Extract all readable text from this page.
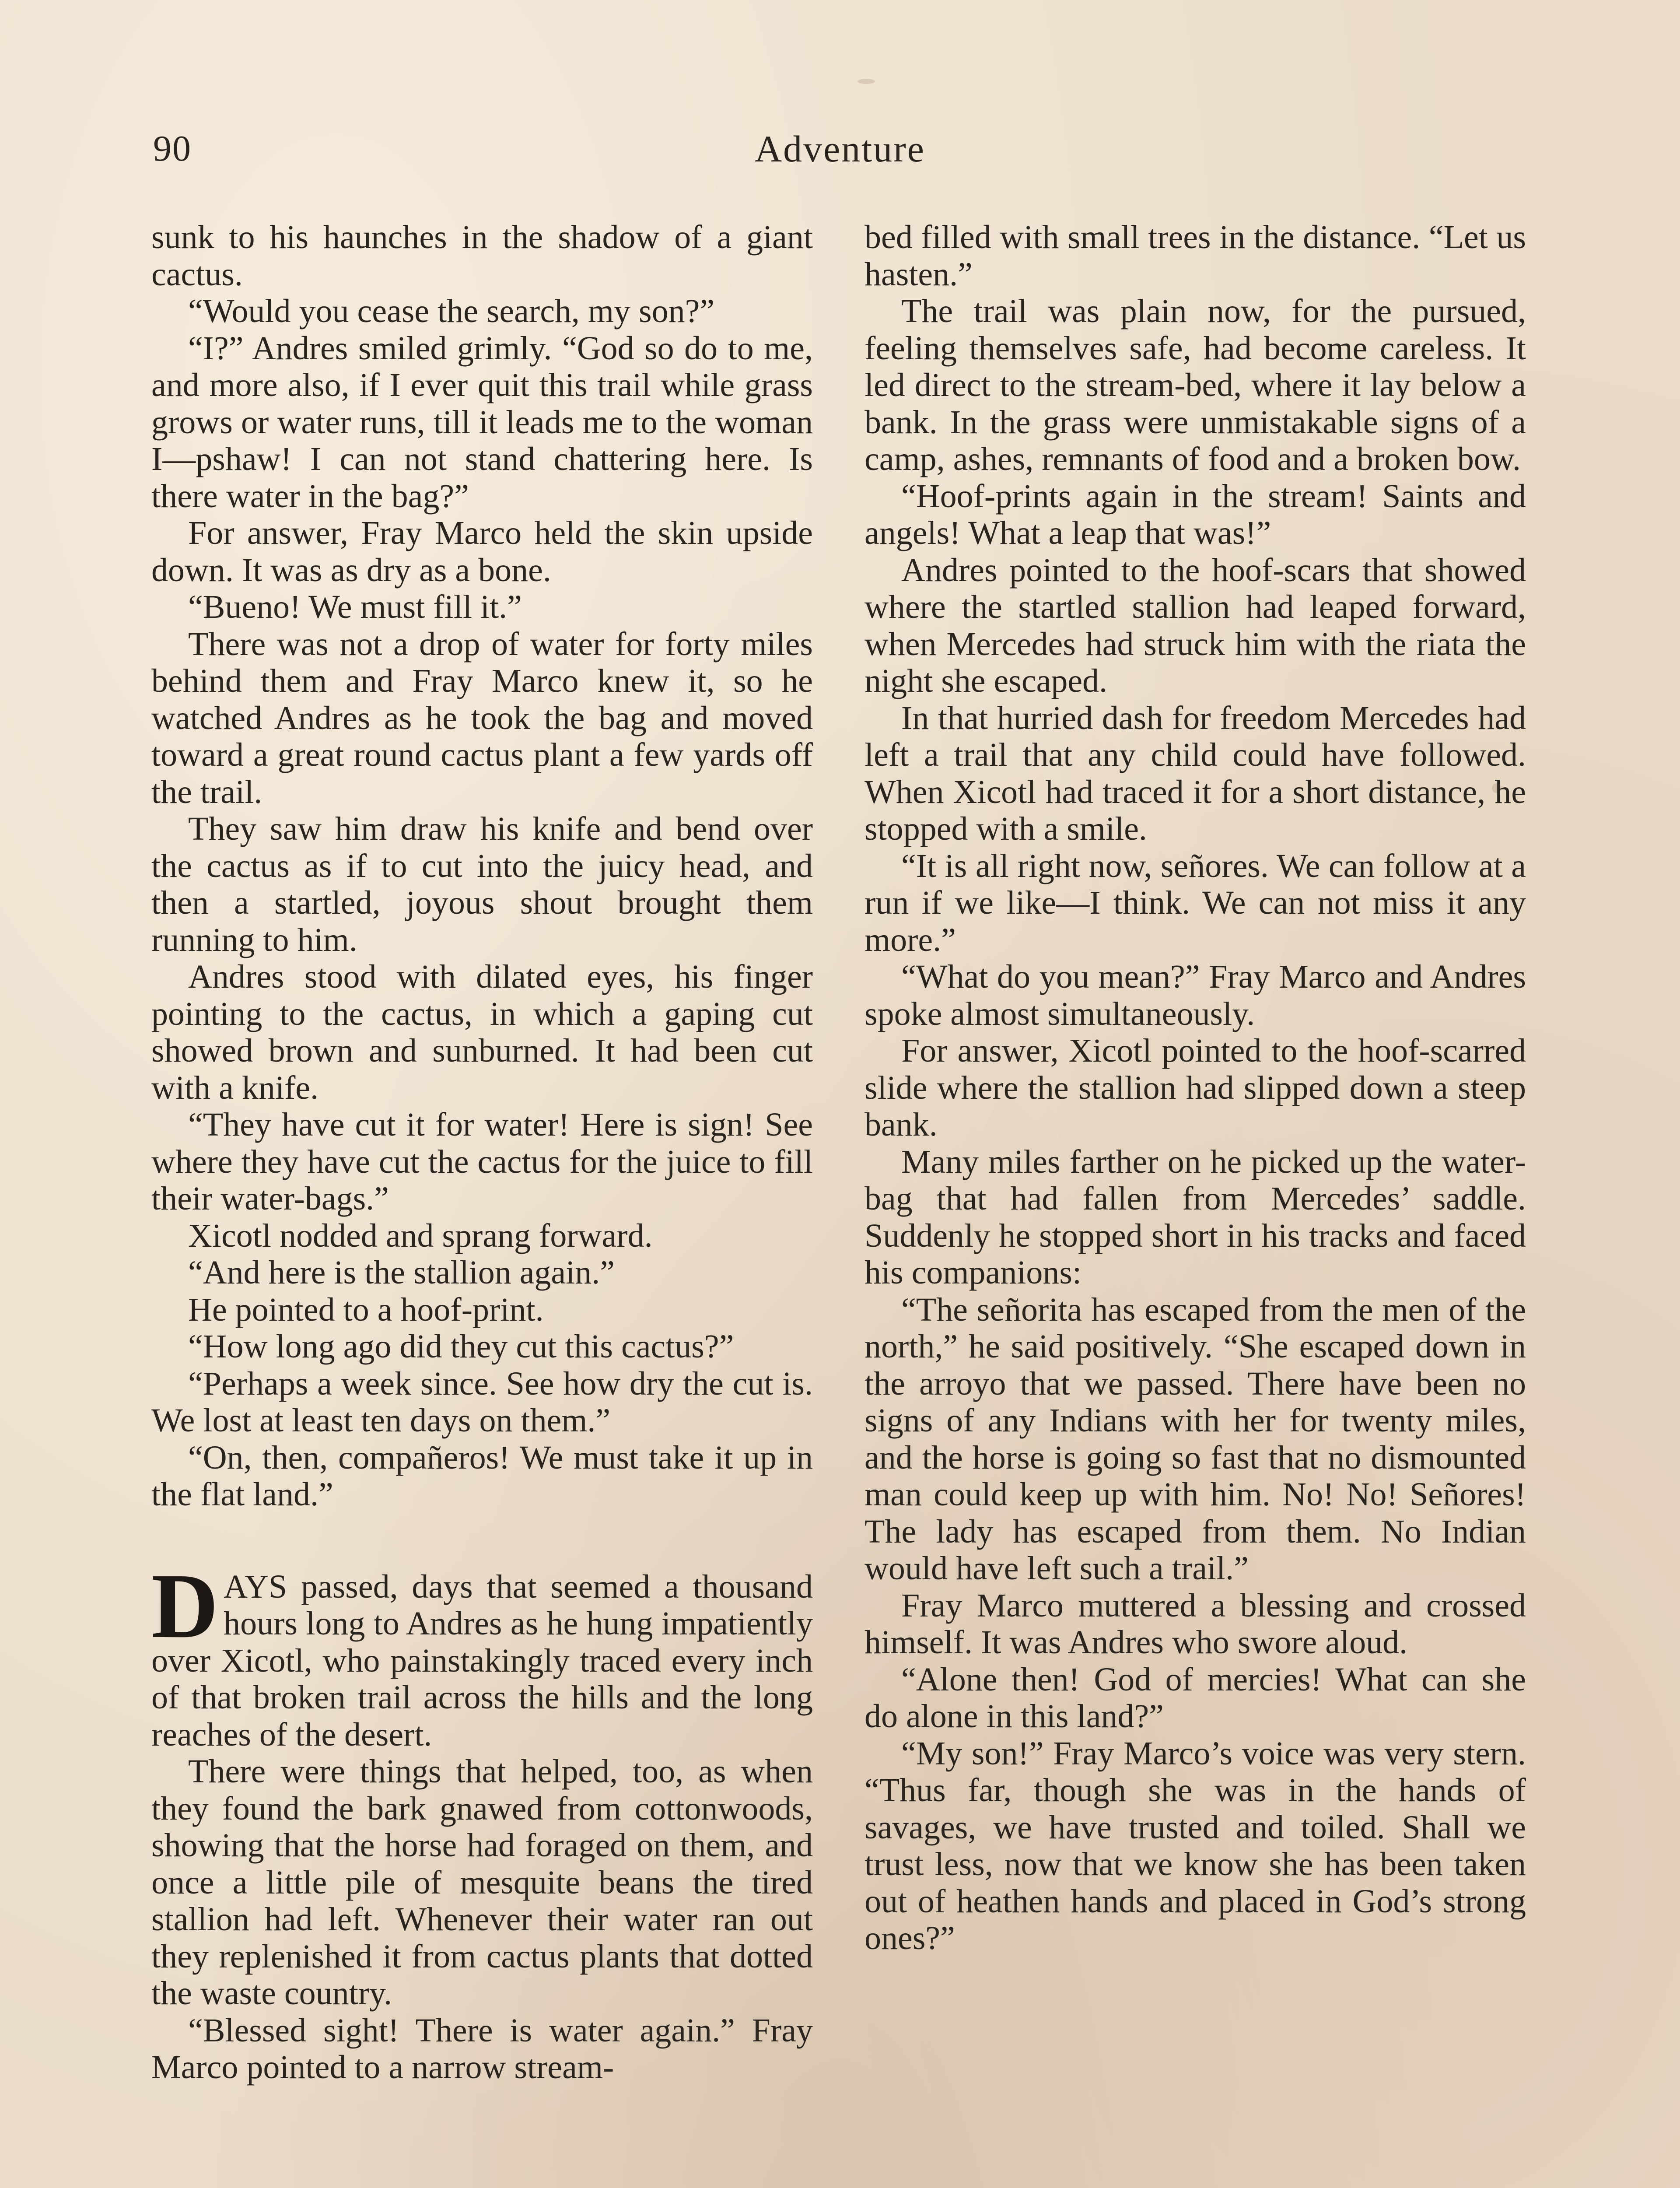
90	Adventure

sunk to his haunches in the shadow of a giant cactus.

“Would you cease the search, my son?”

“I?” Andres smiled grimly. “God so do to me, and more also, if I ever quit this trail while grass grows or water runs, till it leads me to the woman I—pshaw! I can not stand chattering here. Is there water in the bag?”

For answer, Fray Marco held the skin upside down. It was as dry as a bone.

“Bueno! We must fill it.”

There was not a drop of water for forty miles behind them and Fray Marco knew it, so he watched Andres as he took the bag and moved toward a great round cactus plant a few yards off the trail.

They saw him draw his knife and bend over the cactus as if to cut into the juicy head, and then a startled, joyous shout brought them running to him.

Andres stood with dilated eyes, his finger pointing to the cactus, in which a gaping cut showed brown and sunburned. It had been cut with a knife.

“They have cut it for water! Here is sign! See where they have cut the cactus for the juice to fill their water-bags.”

Xicotl nodded and sprang forward.

“And here is the stallion again.”

He pointed to a hoof-print.

“How long ago did they cut this cactus?”

“Perhaps a week since. See how dry the cut is. We lost at least ten days on them.”

“On, then, compañeros! We must take it up in the flat land.”

DAYS passed, days that seemed a thousand hours long to Andres as he hung impatiently over Xicotl, who painstakingly traced every inch of that broken trail across the hills and the long reaches of the desert.

There were things that helped, too, as when they found the bark gnawed from cottonwoods, showing that the horse had foraged on them, and once a little pile of mesquite beans the tired stallion had left. Whenever their water ran out they replenished it from cactus plants that dotted the waste country.

“Blessed sight! There is water again.” Fray Marco pointed to a narrow stream-

bed filled with small trees in the distance. “Let us hasten.”

The trail was plain now, for the pursued, feeling themselves safe, had become careless. It led direct to the stream-bed, where it lay below a bank. In the grass were unmistakable signs of a camp, ashes, remnants of food and a broken bow.

“Hoof-prints again in the stream! Saints and angels! What a leap that was!”

Andres pointed to the hoof-scars that showed where the startled stallion had leaped forward, when Mercedes had struck him with the riata the night she escaped.

In that hurried dash for freedom Mercedes had left a trail that any child could have followed. When Xicotl had traced it for a short distance, he stopped with a smile.

“It is all right now, señores. We can follow at a run if we like—I think. We can not miss it any more.”

“What do you mean?” Fray Marco and Andres spoke almost simultaneously.

For answer, Xicotl pointed to the hoof-scarred slide where the stallion had slipped down a steep bank.

Many miles farther on he picked up the water-bag that had fallen from Mercedes’ saddle. Suddenly he stopped short in his tracks and faced his companions:

“The señorita has escaped from the men of the north,” he said positively. “She escaped down in the arroyo that we passed. There have been no signs of any Indians with her for twenty miles, and the horse is going so fast that no dismounted man could keep up with him. No! No! Señores! The lady has escaped from them. No Indian would have left such a trail.”

Fray Marco muttered a blessing and crossed himself. It was Andres who swore aloud.

“Alone then! God of mercies! What can she do alone in this land?”

“My son!” Fray Marco’s voice was very stern. “Thus far, though she was in the hands of savages, we have trusted and toiled. Shall we trust less, now that we know she has been taken out of heathen hands and placed in God’s strong ones?”
